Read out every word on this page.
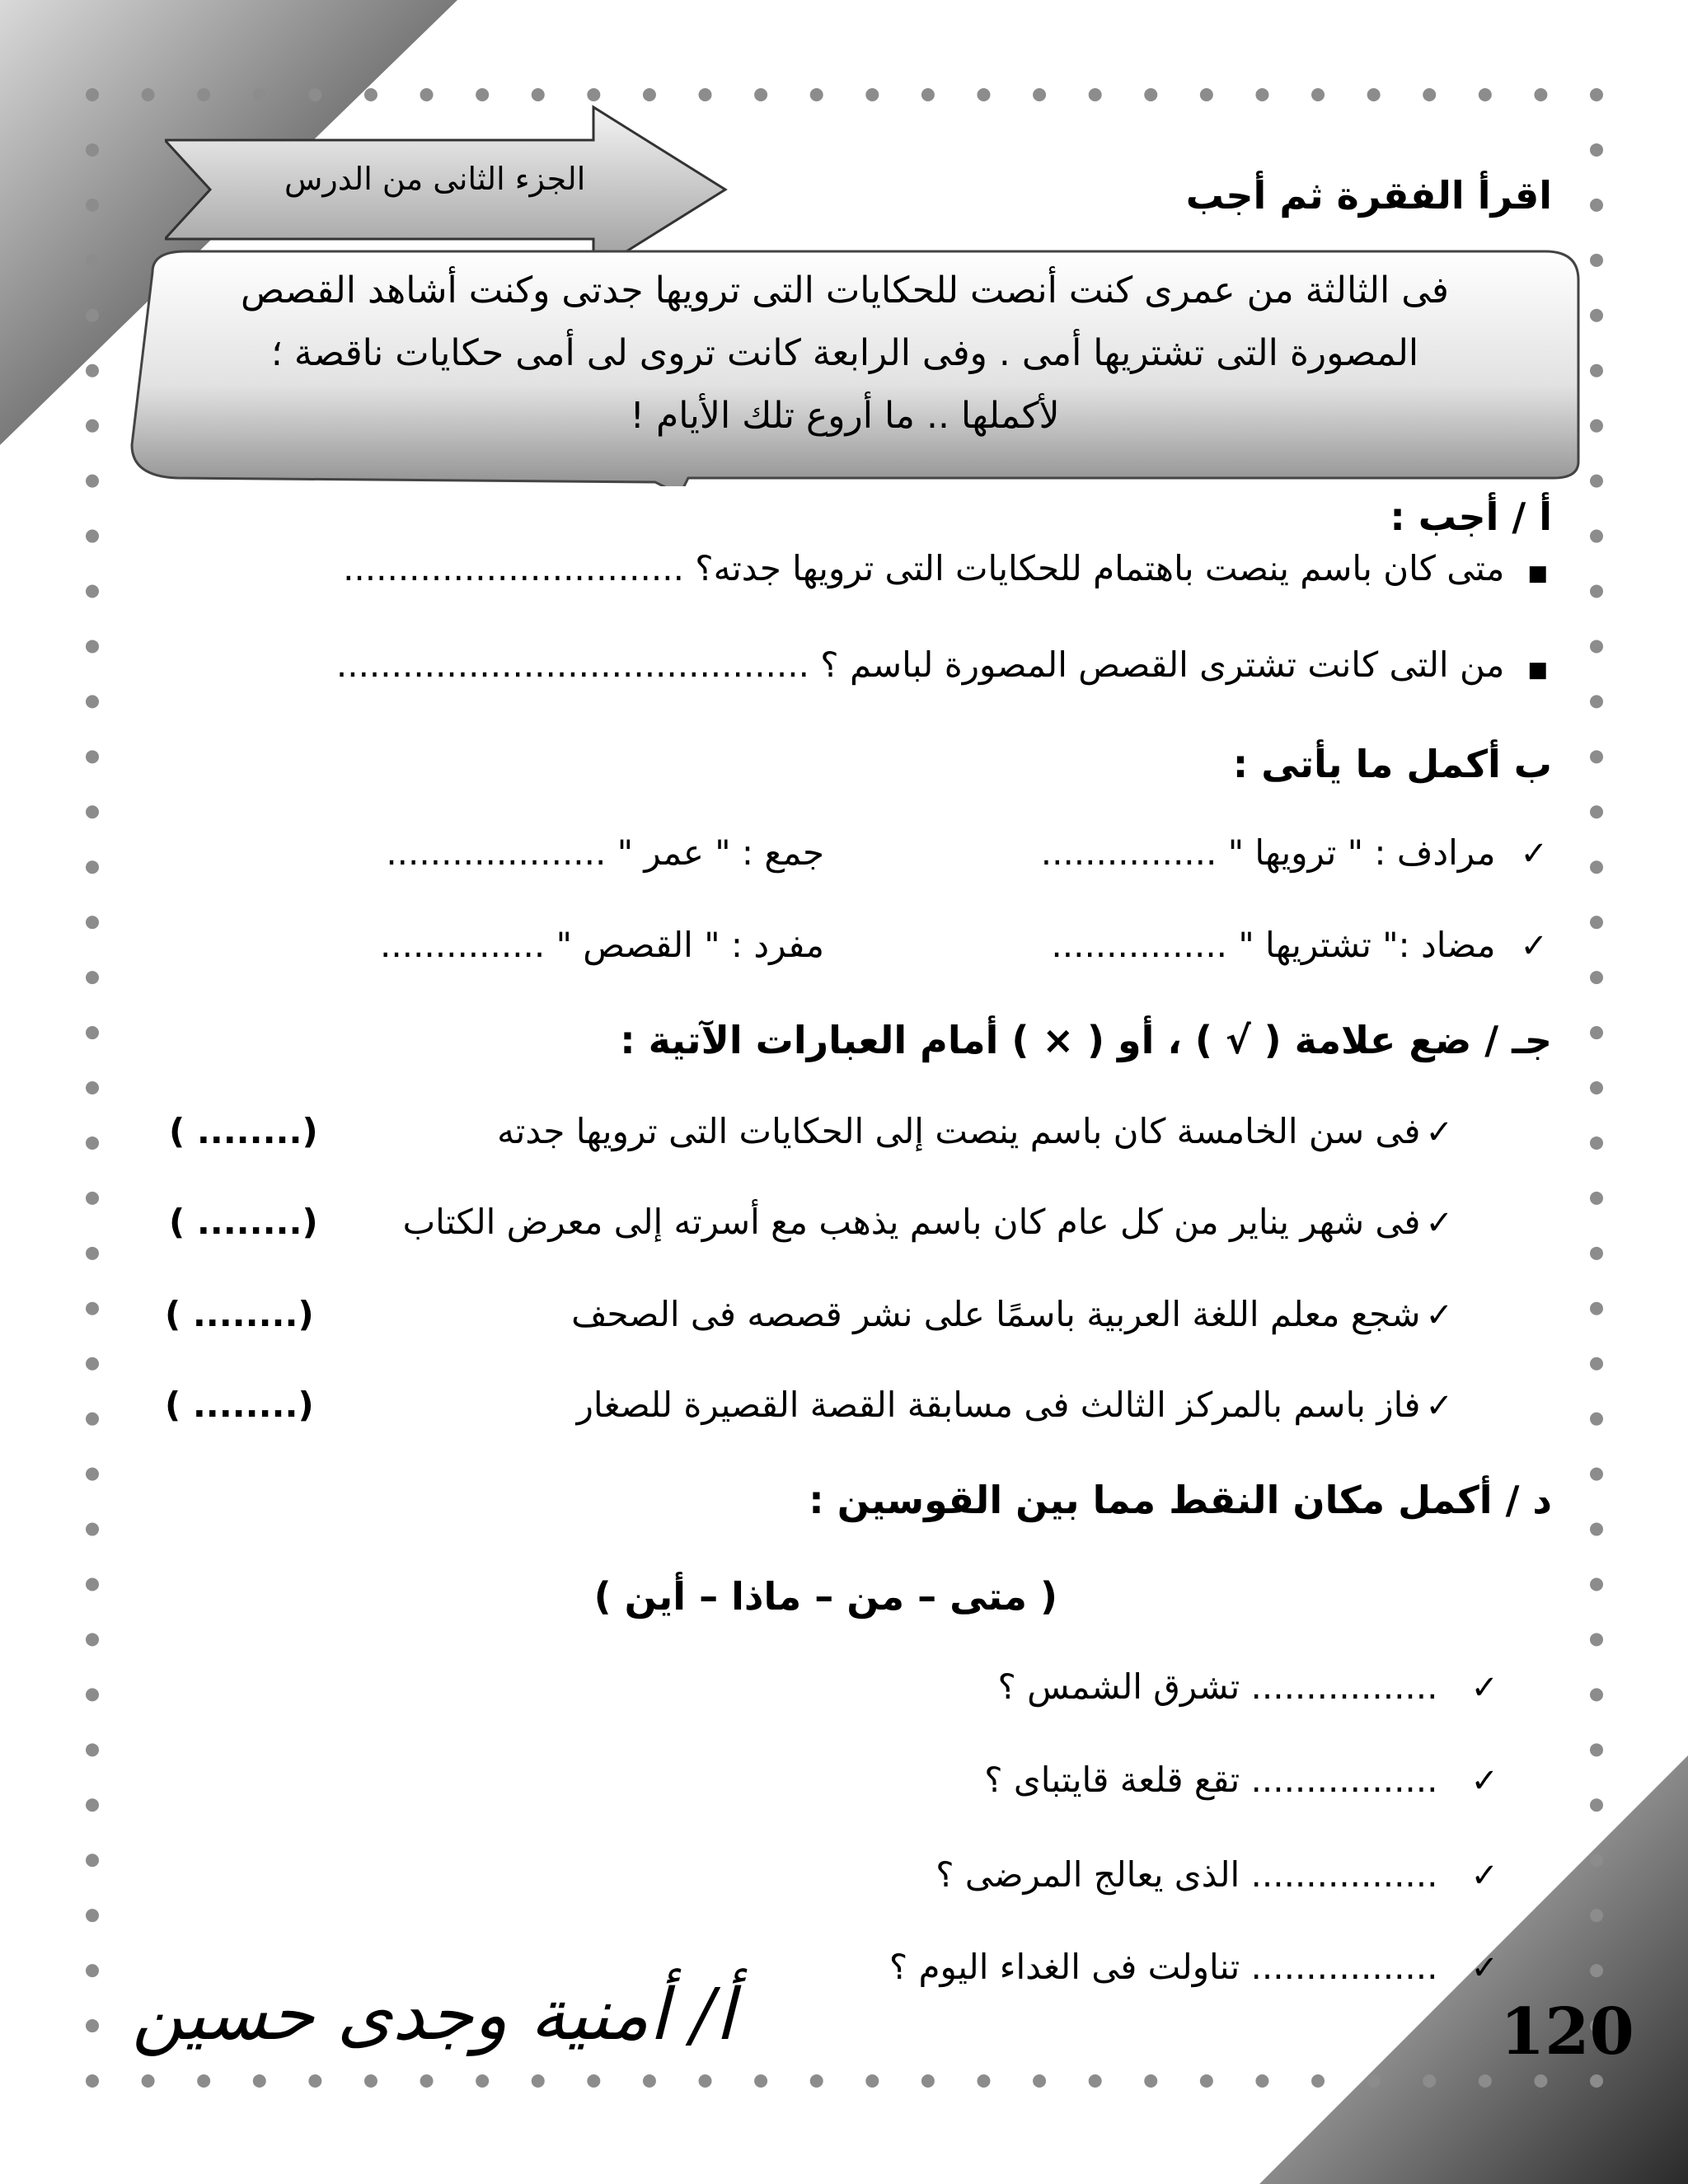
الجزء الثانى من الدرس	اقرأ الفقرة ثم أجب
فى الثالثة من عمرى كنت أنصت للحكايات التى ترويها جدتى وكنت أشاهد القصص
المصورة التى تشتريها أمى . وفى الرابعة كانت تروى لى أمى حكايات ناقصة ؛
لأكملها .. ما أروع تلك الأيام !
أ / أجب :
■متى كان باسم ينصت باهتمام للحكايات التى ترويها جدته؟ ...............................
■من التى كانت تشترى القصص المصورة لباسم ؟ ...........................................
ب أكمل ما يأتى :
✓مرادف : " ترويها " ................
جمع : " عمر " ....................
✓مضاد :" تشتريها " ................
مفرد : " القصص " ...............
جـ / ضع علامة ( √ ) ، أو ( × ) أمام العبارات الآتية :
✓فى سن الخامسة كان باسم ينصت إلى الحكايات التى ترويها جدته
( ........)
✓فى شهر يناير من كل عام كان باسم يذهب مع أسرته إلى معرض الكتاب
( ........)
✓شجع معلم اللغة العربية باسمًا على نشر قصصه فى الصحف
( ........)
✓فاز باسم بالمركز الثالث فى مسابقة القصة القصيرة للصغار
( ........)
د / أكمل مكان النقط مما بين القوسين :
( متى – من – ماذا – أين )
✓................. تشرق الشمس ؟
✓................. تقع قلعة قايتباى ؟
✓................. الذى يعالج المرضى ؟
✓................. تناولت فى الغداء اليوم ؟
أ/ أمنية وجدى حسين	120
